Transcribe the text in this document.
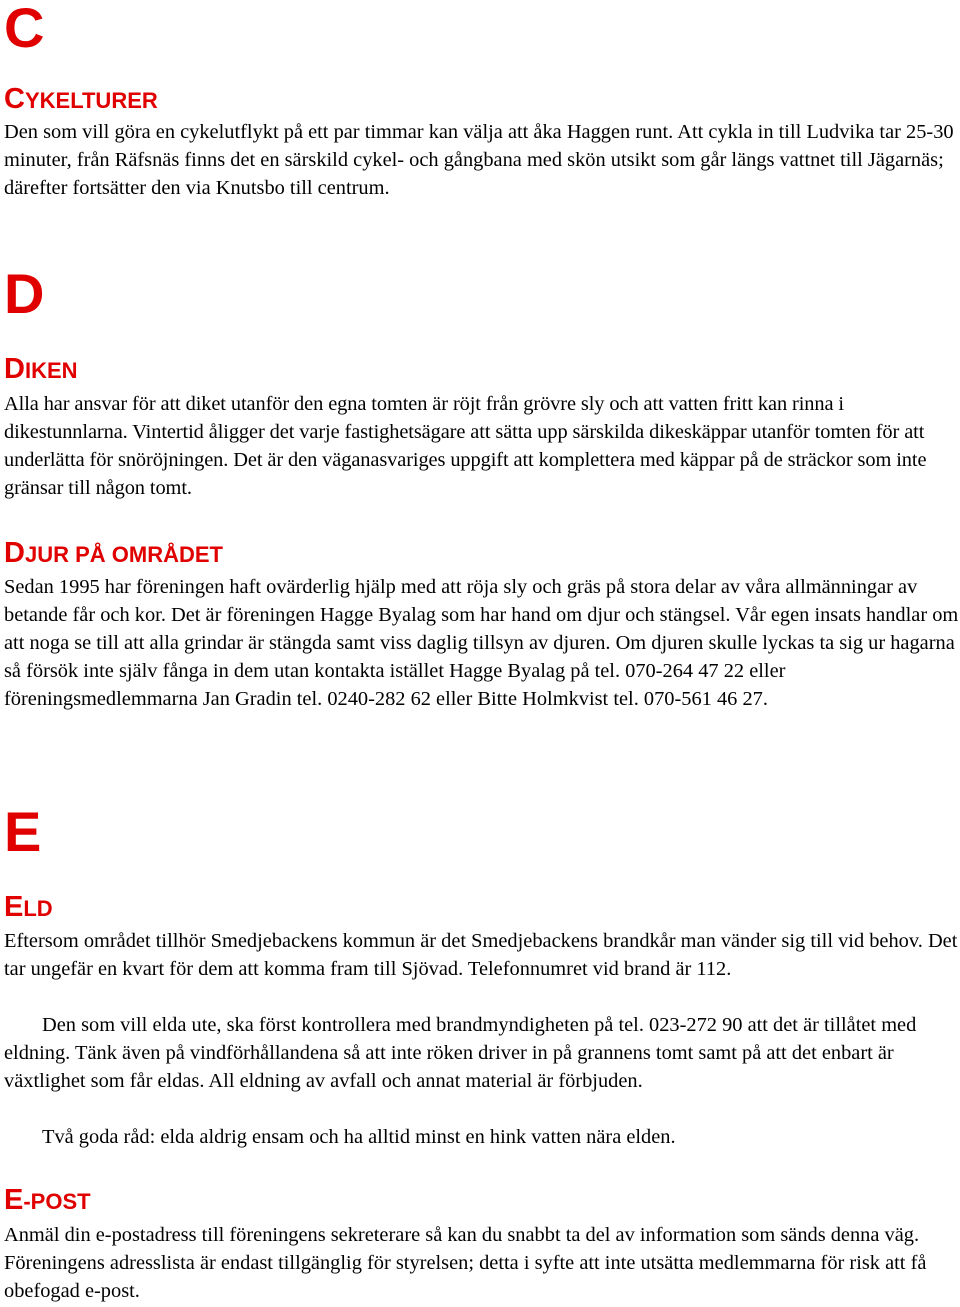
C
CYKELTURER

Den som vill göra en cykelutflykt på ett par timmar kan välja att åka Haggen runt. Att cykla in till Ludvika tar 25-30 minuter, från Räfsnäs finns det en särskild cykel- och gångbana med skön utsikt som går längs vattnet till Jägarnäs; därefter fortsätter den via Knutsbo till centrum.

D
DIKEN

Alla har ansvar för att diket utanför den egna tomten är röjt från grövre sly och att vatten fritt kan rinna i dikestunnlarna. Vintertid åligger det varje fastighetsägare att sätta upp särskilda dikeskäppar utanför tomten för att underlätta för snöröjningen. Det är den väganasvariges uppgift att komplettera med käppar på de sträckor som inte gränsar till någon tomt.

DJUR PÅ OMRÅDET

Sedan 1995 har föreningen haft ovärderlig hjälp med att röja sly och gräs på stora delar av våra allmänningar av betande får och kor. Det är föreningen Hagge Byalag som har hand om djur och stängsel. Vår egen insats handlar om att noga se till att alla grindar är stängda samt viss daglig tillsyn av djuren. Om djuren skulle lyckas ta sig ur hagarna så försök inte själv fånga in dem utan kontakta istället Hagge Byalag på tel. 070-264 47 22 eller föreningsmedlemmarna Jan Gradin tel. 0240-282 62 eller Bitte Holmkvist tel. 070-561 46 27.

E
ELD

Eftersom området tillhör Smedjebackens kommun är det Smedjebackens brandkår man vänder sig till vid behov. Det tar ungefär en kvart för dem att komma fram till Sjövad. Telefonnumret vid brand är 112.

Den som vill elda ute, ska först kontrollera med brandmyndigheten på tel. 023-272 90 att det är tillåtet med eldning. Tänk även på vindförhållandena så att inte röken driver in på grannens tomt samt på att det enbart är växtlighet som får eldas. All eldning av avfall och annat material är förbjuden.

Två goda råd: elda aldrig ensam och ha alltid minst en hink vatten nära elden.

E-POST

Anmäl din e-postadress till föreningens sekreterare så kan du snabbt ta del av information som sänds denna väg. Föreningens adresslista är endast tillgänglig för styrelsen; detta i syfte att inte utsätta medlemmarna för risk att få obefogad e-post.
